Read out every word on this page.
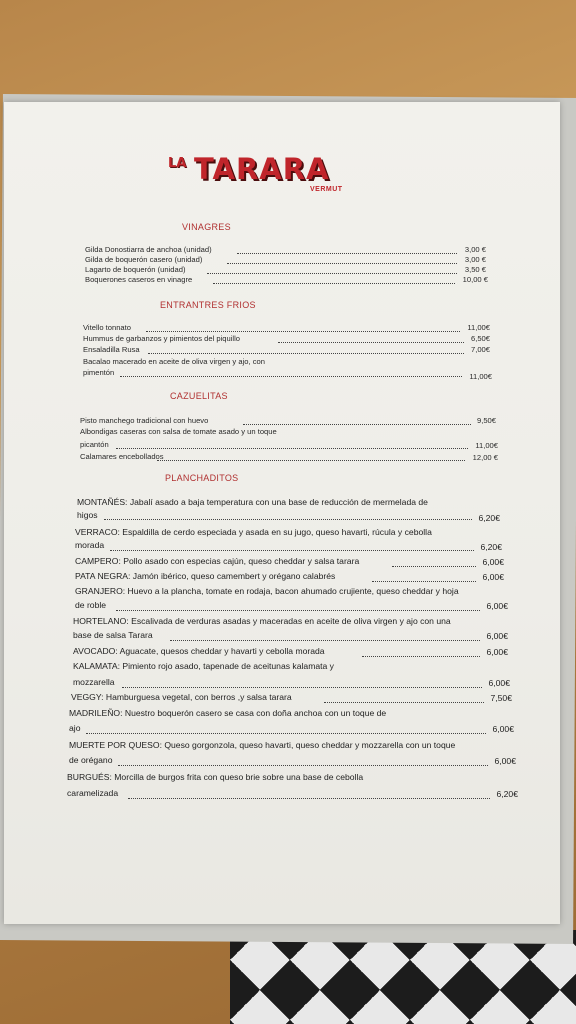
LA TARARA
VERMUT
VINAGRES
Gilda Donostiarra de anchoa (unidad)	3,00 €
Gilda de boquerón casero (unidad)	3,00 €
Lagarto de boquerón (unidad)	3,50 €
Boquerones caseros en vinagre	10,00 €
ENTRANTRES FRIOS
Vitello tonnato	11,00€
Hummus de garbanzos y pimientos del piquillo	6,50€
Ensaladilla Rusa	7,00€
Bacalao macerado en aceite de oliva virgen y ajo, con
pimentón	11,00€
CAZUELITAS
Pisto manchego tradicional con huevo	9,50€
Albondigas caseras con salsa de tomate asado y un toque
picantón	11,00€
Calamares encebollados	12,00 €
PLANCHADITOS
MONTAÑÉS: Jabalí asado a baja temperatura con una base de reducción de mermelada de
higos	6,20€
VERRACO: Espaldilla de cerdo especiada y asada en su jugo, queso havarti, rúcula y cebolla
morada	6,20€
CAMPERO: Pollo asado con especias cajún, queso cheddar y salsa tarara	6,00€
PATA NEGRA: Jamón ibérico, queso camembert y orégano calabrés	6,00€
GRANJERO: Huevo a la plancha, tomate en rodaja, bacon ahumado crujiente, queso cheddar y hoja
de roble	6,00€
HORTELANO: Escalivada de verduras asadas y maceradas en aceite de oliva virgen y ajo con una
base de salsa Tarara	6,00€
AVOCADO: Aguacate, quesos cheddar y havarti y cebolla morada	6,00€
KALAMATA: Pimiento rojo asado, tapenade de aceitunas kalamata y
mozzarella	6,00€
VEGGY: Hamburguesa vegetal, con berros ,y salsa tarara	7,50€
MADRILEÑO: Nuestro boquerón casero se casa con doña anchoa con un toque de
ajo	6,00€
MUERTE POR QUESO: Queso gorgonzola, queso havarti, queso cheddar y mozzarella con un toque
de orégano	6,00€
BURGUÉS: Morcilla de burgos frita con queso brie sobre una base de cebolla
caramelizada	6,20€
